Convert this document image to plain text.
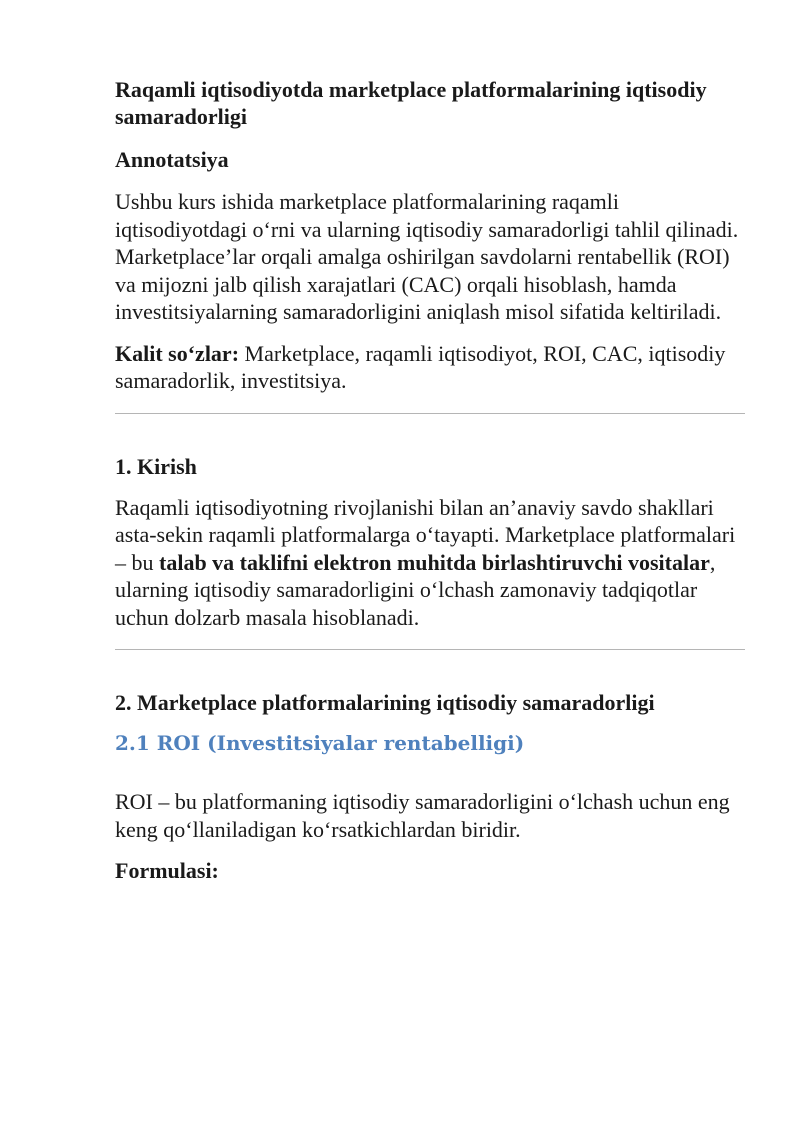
Raqamli iqtisodiyotda marketplace platformalarining iqtisodiy samaradorligi
Annotatsiya
Ushbu kurs ishida marketplace platformalarining raqamli iqtisodiyotdagi o‘rni va ularning iqtisodiy samaradorligi tahlil qilinadi. Marketplace’lar orqali amalga oshirilgan savdolarni rentabellik (ROI) va mijozni jalb qilish xarajatlari (CAC) orqali hisoblash, hamda investitsiyalarning samaradorligini aniqlash misol sifatida keltiriladi.
Kalit so‘zlar: Marketplace, raqamli iqtisodiyot, ROI, CAC, iqtisodiy samaradorlik, investitsiya.
1. Kirish
Raqamli iqtisodiyotning rivojlanishi bilan an’anaviy savdo shakllari asta-sekin raqamli platformalarga o‘tayapti. Marketplace platformalari – bu talab va taklifni elektron muhitda birlashtiruvchi vositalar, ularning iqtisodiy samaradorligini o‘lchash zamonaviy tadqiqotlar uchun dolzarb masala hisoblanadi.
2. Marketplace platformalarining iqtisodiy samaradorligi
2.1 ROI (Investitsiyalar rentabelligi)
ROI – bu platformaning iqtisodiy samaradorligini o‘lchash uchun eng keng qo‘llaniladigan ko‘rsatkichlardan biridir.
Formulasi:
